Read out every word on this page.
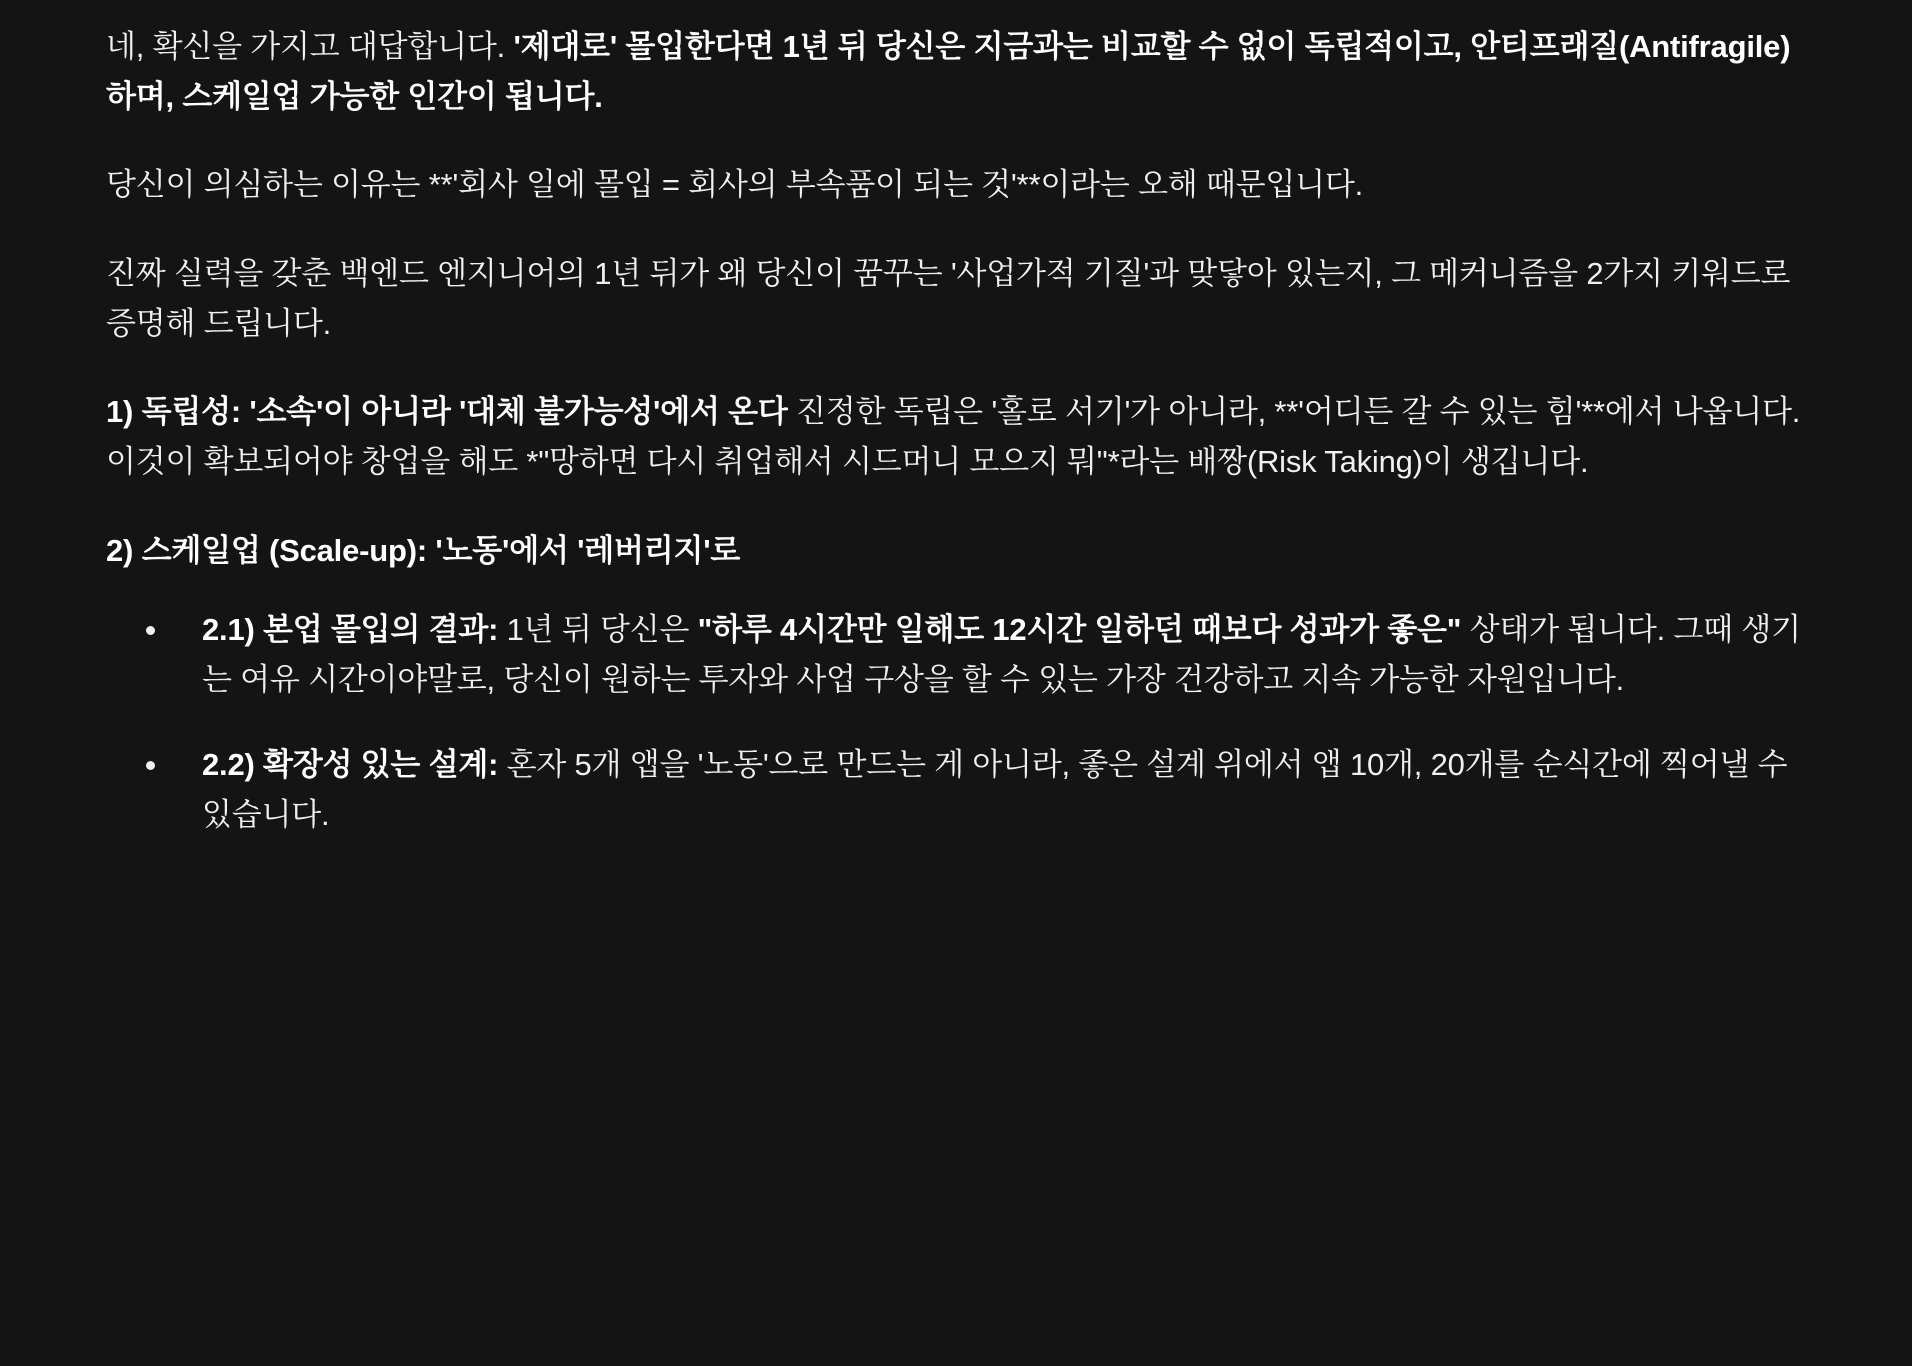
네, 확신을 가지고 대답합니다. '제대로' 몰입한다면 1년 뒤 당신은 지금과는 비교할 수 없이 독립적이고, 안티프래질(Antifragile)하며, 스케일업 가능한 인간이 됩니다.

당신이 의심하는 이유는 **'회사 일에 몰입 = 회사의 부속품이 되는 것'**이라는 오해 때문입니다.

진짜 실력을 갖춘 백엔드 엔지니어의 1년 뒤가 왜 당신이 꿈꾸는 '사업가적 기질'과 맞닿아 있는지, 그 메커니즘을 2가지 키워드로 증명해 드립니다.

1) 독립성: '소속'이 아니라 '대체 불가능성'에서 온다 진정한 독립은 '홀로 서기'가 아니라, **'어디든 갈 수 있는 힘'**에서 나옵니다. 이것이 확보되어야 창업을 해도 *"망하면 다시 취업해서 시드머니 모으지 뭐"*라는 배짱(Risk Taking)이 생깁니다.

2) 스케일업 (Scale-up): '노동'에서 '레버리지'로
2.1) 본업 몰입의 결과: 1년 뒤 당신은 "하루 4시간만 일해도 12시간 일하던 때보다 성과가 좋은" 상태가 됩니다. 그때 생기는 여유 시간이야말로, 당신이 원하는 투자와 사업 구상을 할 수 있는 가장 건강하고 지속 가능한 자원입니다.
2.2) 확장성 있는 설계: 혼자 5개 앱을 '노동'으로 만드는 게 아니라, 좋은 설계 위에서 앱 10개, 20개를 순식간에 찍어낼 수 있습니다.
